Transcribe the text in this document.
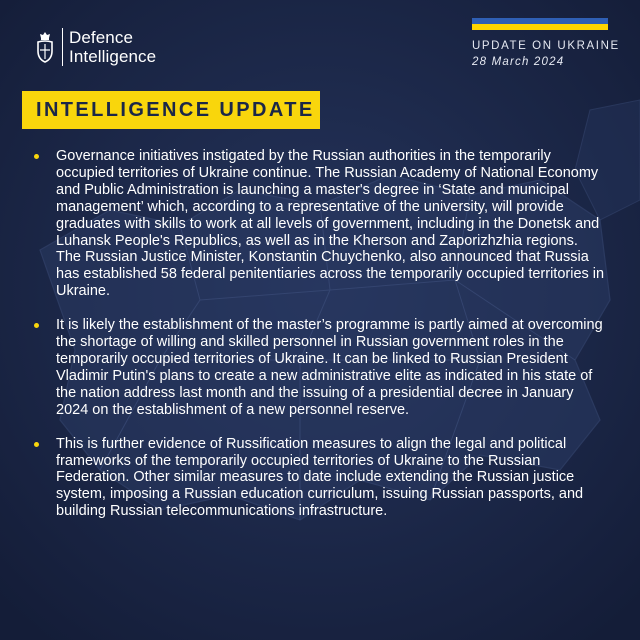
Defence
Intelligence
UPDATE ON UKRAINE
28 March 2024
INTELLIGENCE UPDATE
Governance initiatives instigated by the Russian authorities in the temporarily occupied territories of Ukraine continue. The Russian Academy of National Economy and Public Administration is launching a master's degree in ‘State and municipal management’ which, according to a representative of the university, will provide graduates with skills to work at all levels of government, including in the Donetsk and Luhansk People's Republics, as well as in the Kherson and Zaporizhzhia regions. The Russian Justice Minister, Konstantin Chuychenko, also announced that Russia has established 58 federal penitentiaries across the temporarily occupied territories in Ukraine.
It is likely the establishment of the master’s programme is partly aimed at overcoming the shortage of willing and skilled personnel in Russian government roles in the temporarily occupied territories of Ukraine. It can be linked to Russian President Vladimir Putin's plans to create a new administrative elite as indicated in his state of the nation address last month and the issuing of a presidential decree in January 2024 on the establishment of a new personnel reserve.
This is further evidence of Russification measures to align the legal and political frameworks of the temporarily occupied territories of Ukraine to the Russian Federation. Other similar measures to date include extending the Russian justice system, imposing a Russian education curriculum, issuing Russian passports, and building Russian telecommunications infrastructure.
